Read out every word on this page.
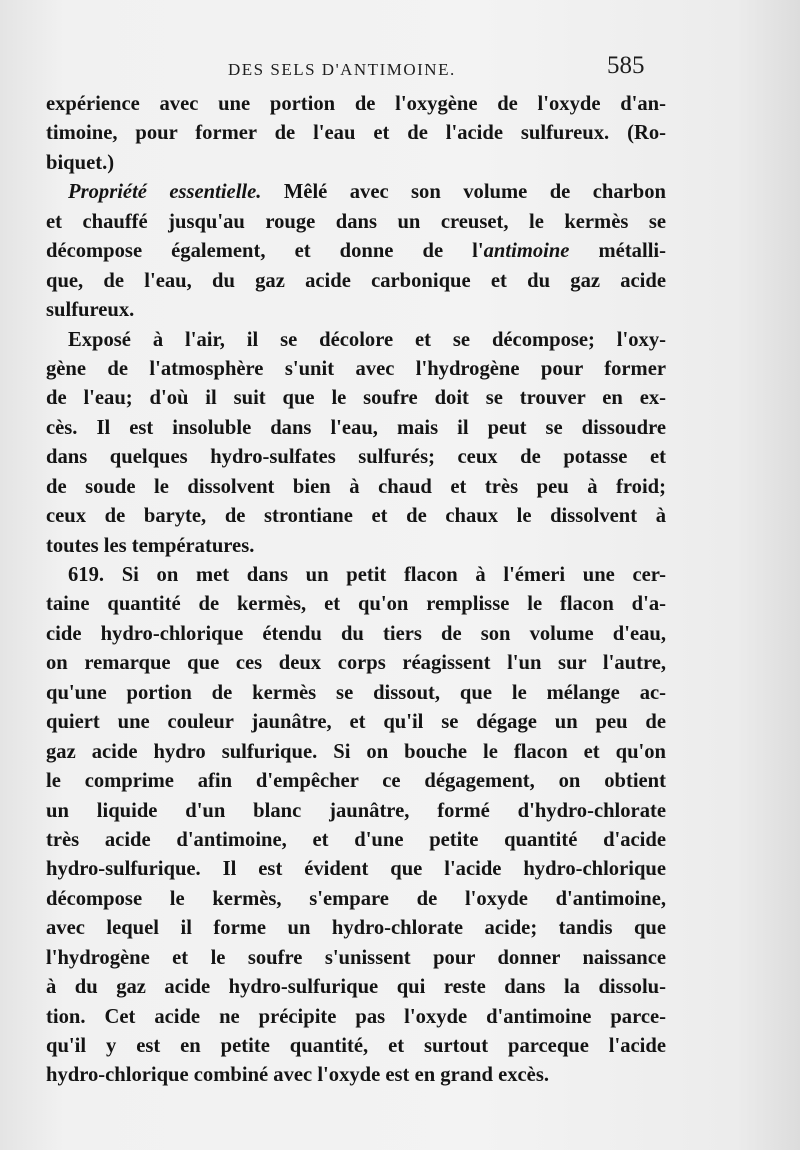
DES SELS D'ANTIMOINE.	585
expérience avec une portion de l'oxygène de l'oxyde d'an-
timoine, pour former de l'eau et de l'acide sulfureux. (Ro-
biquet.)
Propriété essentielle. Mêlé avec son volume de charbon
et chauffé jusqu'au rouge dans un creuset, le kermès se
décompose également, et donne de l'antimoine métalli-
que, de l'eau, du gaz acide carbonique et du gaz acide
sulfureux.
Exposé à l'air, il se décolore et se décompose; l'oxy-
gène de l'atmosphère s'unit avec l'hydrogène pour former
de l'eau; d'où il suit que le soufre doit se trouver en ex-
cès. Il est insoluble dans l'eau, mais il peut se dissoudre
dans quelques hydro-sulfates sulfurés; ceux de potasse et
de soude le dissolvent bien à chaud et très peu à froid;
ceux de baryte, de strontiane et de chaux le dissolvent à
toutes les températures.
619. Si on met dans un petit flacon à l'émeri une cer-
taine quantité de kermès, et qu'on remplisse le flacon d'a-
cide hydro-chlorique étendu du tiers de son volume d'eau,
on remarque que ces deux corps réagissent l'un sur l'autre,
qu'une portion de kermès se dissout, que le mélange ac-
quiert une couleur jaunâtre, et qu'il se dégage un peu de
gaz acide hydro sulfurique. Si on bouche le flacon et qu'on
le comprime afin d'empêcher ce dégagement, on obtient
un liquide d'un blanc jaunâtre, formé d'hydro-chlorate
très acide d'antimoine, et d'une petite quantité d'acide
hydro-sulfurique. Il est évident que l'acide hydro-chlorique
décompose le kermès, s'empare de l'oxyde d'antimoine,
avec lequel il forme un hydro-chlorate acide; tandis que
l'hydrogène et le soufre s'unissent pour donner naissance
à du gaz acide hydro-sulfurique qui reste dans la dissolu-
tion. Cet acide ne précipite pas l'oxyde d'antimoine parce-
qu'il y est en petite quantité, et surtout parceque l'acide
hydro-chlorique combiné avec l'oxyde est en grand excès.
